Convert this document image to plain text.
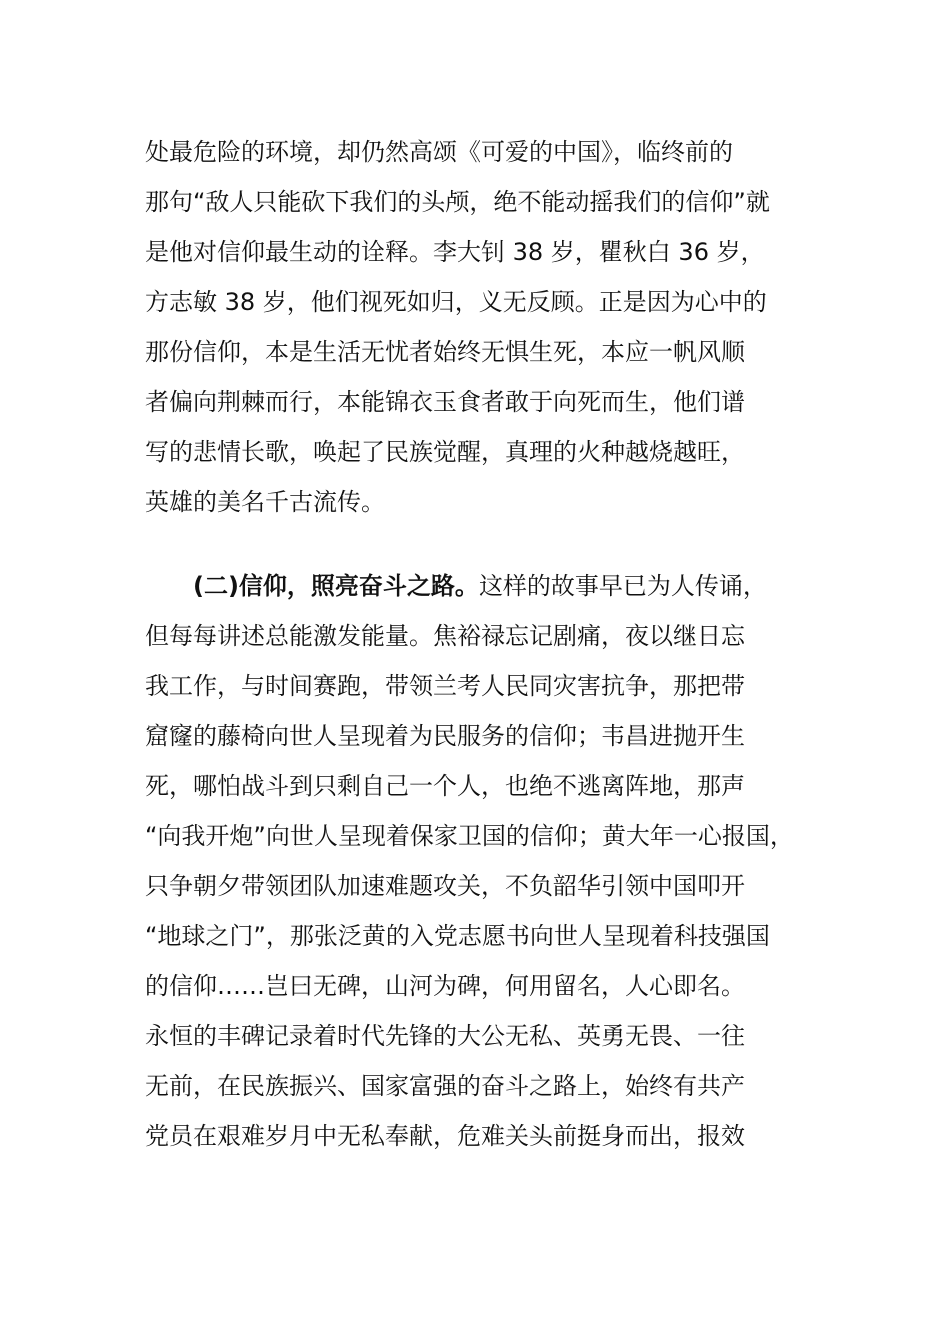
处最危险的环境，却仍然高颂《可爱的中国》，临终前的
那句“敌人只能砍下我们的头颅，绝不能动摇我们的信仰”就
是他对信仰最生动的诠释。李大钊 38 岁，瞿秋白 36 岁，
方志敏 38 岁，他们视死如归，义无反顾。正是因为心中的
那份信仰，本是生活无忧者始终无惧生死，本应一帆风顺
者偏向荆棘而行，本能锦衣玉食者敢于向死而生，他们谱
写的悲情长歌，唤起了民族觉醒，真理的火种越烧越旺，
英雄的美名千古流传。
(二)信仰，照亮奋斗之路。这样的故事早已为人传诵，
但每每讲述总能激发能量。焦裕禄忘记剧痛，夜以继日忘
我工作，与时间赛跑，带领兰考人民同灾害抗争，那把带
窟窿的藤椅向世人呈现着为民服务的信仰；韦昌进抛开生
死，哪怕战斗到只剩自己一个人，也绝不逃离阵地，那声
“向我开炮”向世人呈现着保家卫国的信仰；黄大年一心报国，
只争朝夕带领团队加速难题攻关，不负韶华引领中国叩开
“地球之门”，那张泛黄的入党志愿书向世人呈现着科技强国
的信仰……岂曰无碑，山河为碑，何用留名，人心即名。
永恒的丰碑记录着时代先锋的大公无私、英勇无畏、一往
无前，在民族振兴、国家富强的奋斗之路上，始终有共产
党员在艰难岁月中无私奉献，危难关头前挺身而出，报效
